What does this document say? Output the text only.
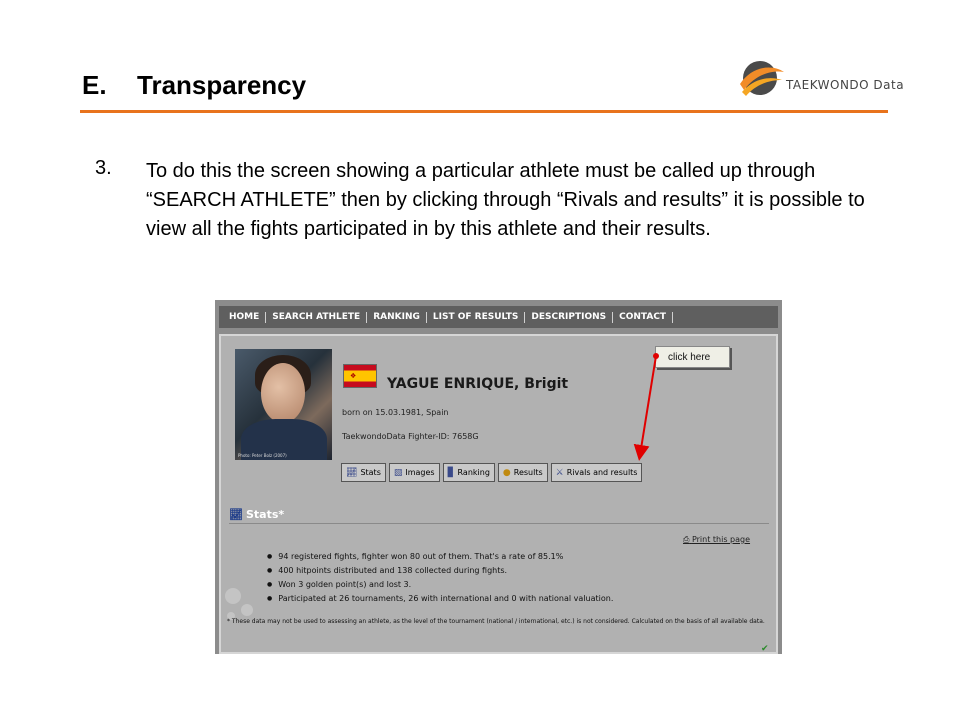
E. Transparency	TAEKWONDO Data
3. To do this the screen showing a particular athlete must be called up through “SEARCH ATHLETE” then by clicking through “Rivals and results” it is possible to view all the fights participated in by this athlete and their results.
HOME	SEARCH ATHLETE	RANKING	LIST OF RESULTS	DESCRIPTIONS	CONTACT
Photo: Peter Bolz (2007)
❖ YAGUE ENRIQUE, Brigit
born on 15.03.1981, Spain
TaekwondoData Fighter-ID: 7658G
📈︎ Stats ▧ Images ▊ Ranking ● Results ⚔︎ Rivals and results
📈︎ Stats*
⎙ Print this page
● 94 registered fights, fighter won 80 out of them. That's a rate of 85.1%
● 400 hitpoints distributed and 138 collected during fights.
● Won 3 golden point(s) and lost 3.
● Participated at 26 tournaments, 26 with international and 0 with national valuation.
* These data may not be used to assessing an athlete, as the level of the tournament (national / international, etc.) is not considered. Calculated on the basis of all available data.
✔
click here
